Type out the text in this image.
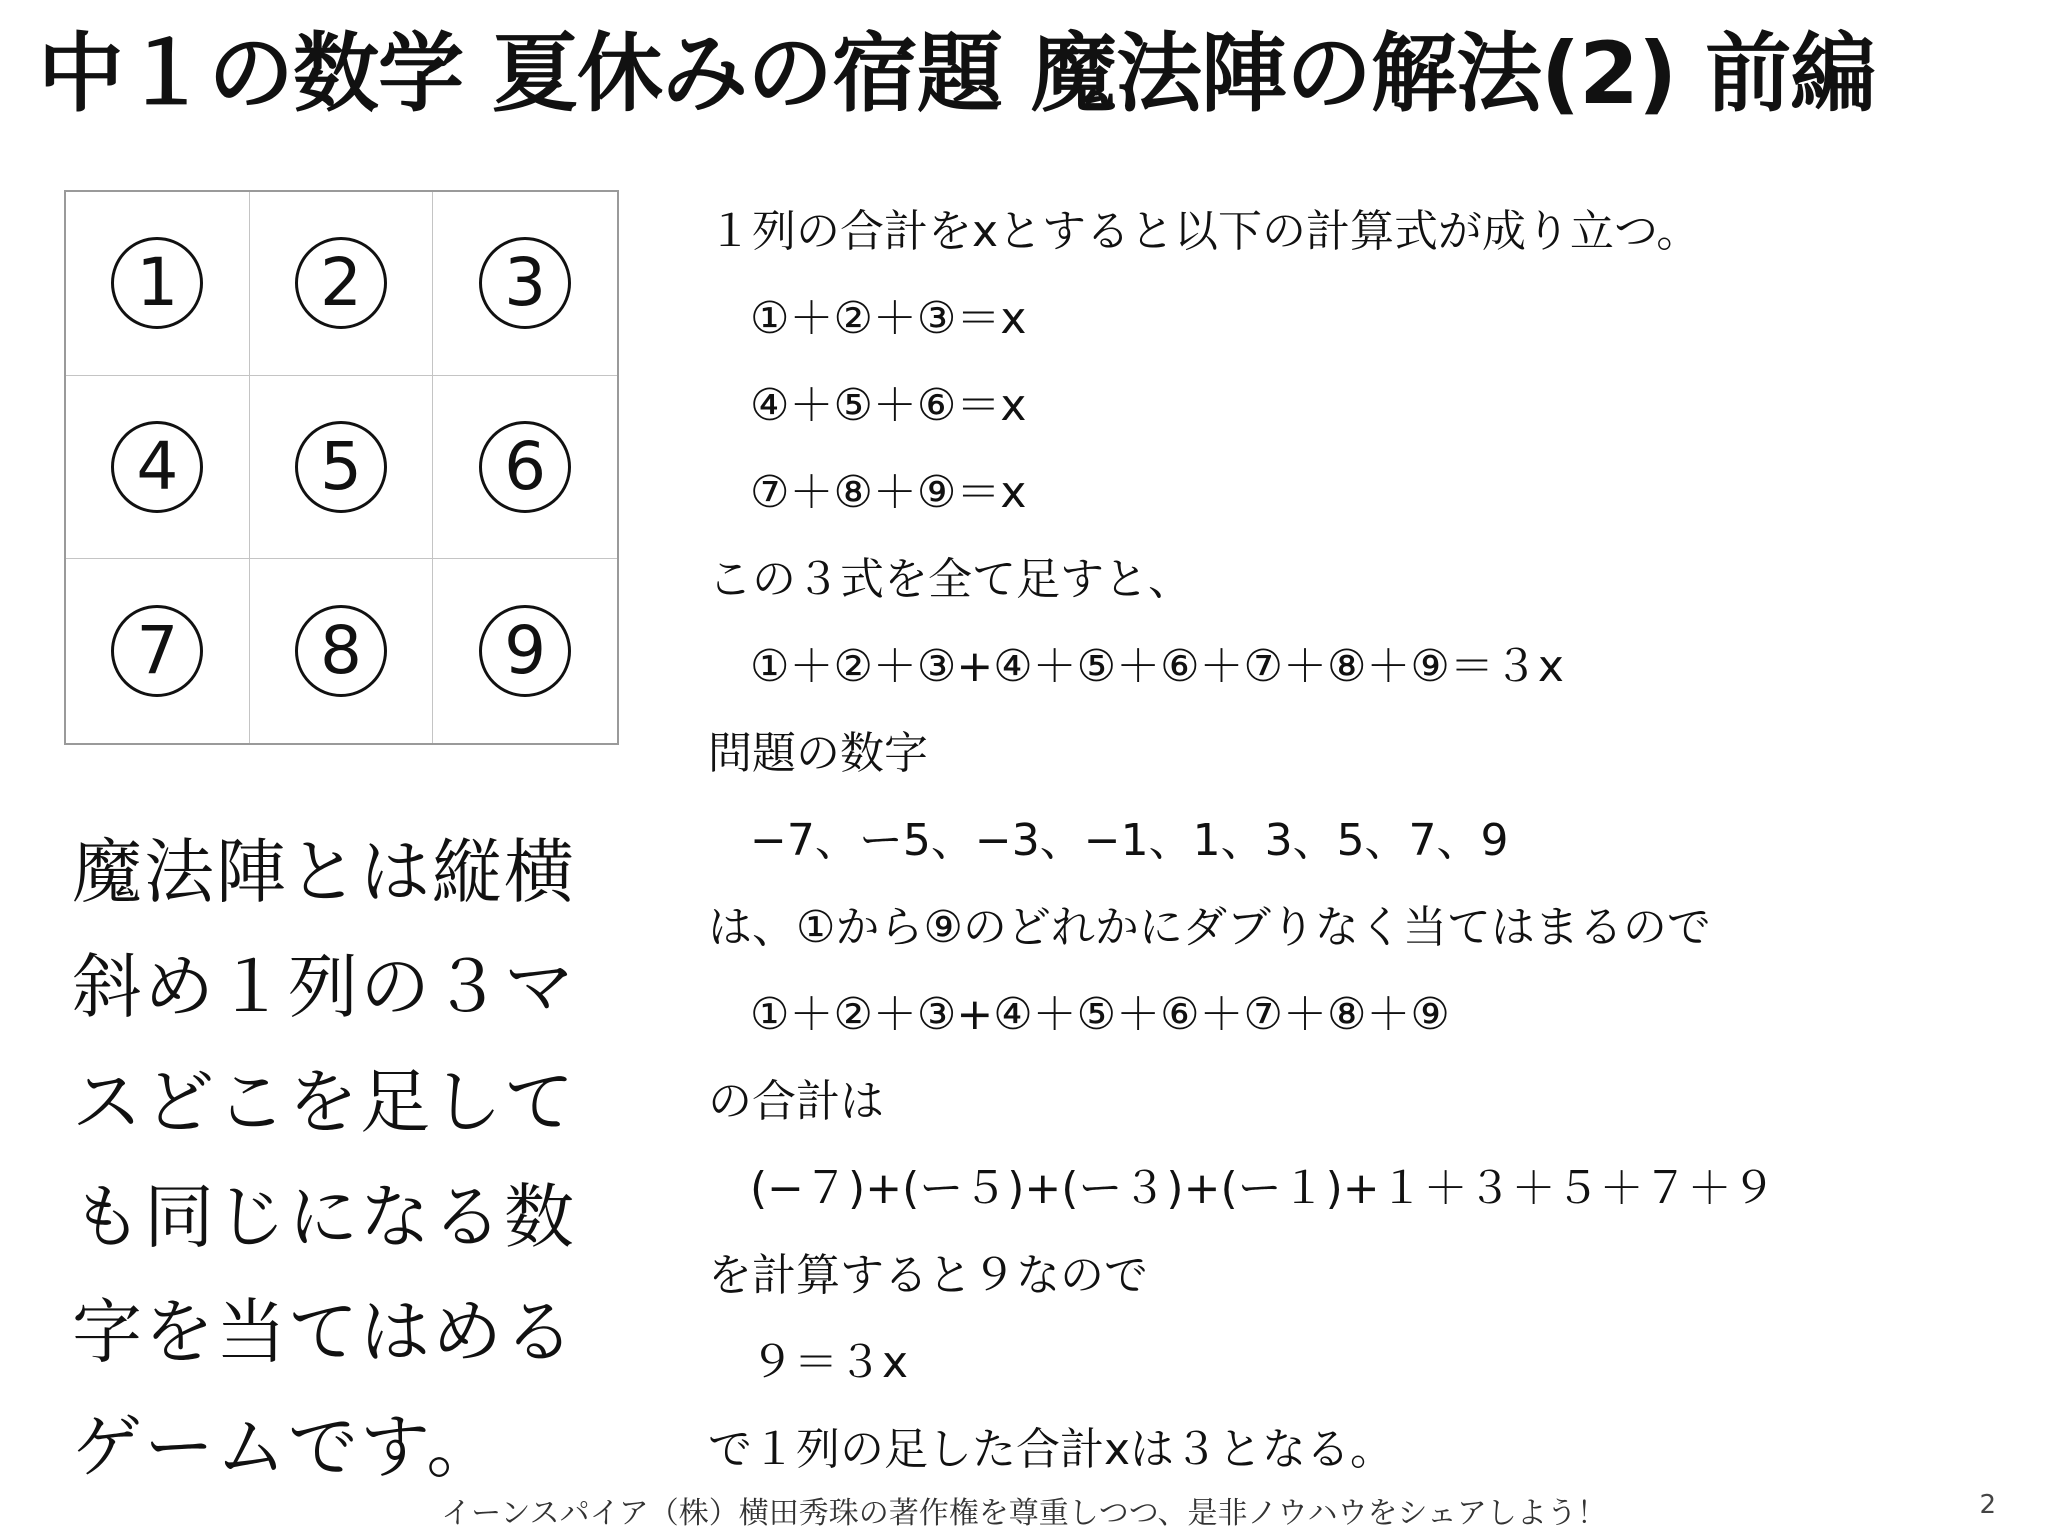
中１の数学 夏休みの宿題 魔法陣の解法(2) 前編
1	2	3
4	5	6
7	8	9
魔法陣とは縦横
斜め１列の３マ
スどこを足して
も同じになる数
字を当てはめる
ゲームです。
１列の合計をxとすると以下の計算式が成り立つ。
①＋②＋③＝x
④＋⑤＋⑥＝x
⑦＋⑧＋⑨＝x
この３式を全て足すと、
①＋②＋③+④＋⑤＋⑥＋⑦＋⑧＋⑨＝３x
問題の数字
−7、ー5、−3、−1、1、3、5、7、9
は、①から⑨のどれかにダブりなく当てはまるので
①＋②＋③+④＋⑤＋⑥＋⑦＋⑧＋⑨
の合計は
(−７)+(ー５)+(ー３)+(ー１)+１＋３＋５＋７＋９
を計算すると９なので
９＝３x
で１列の足した合計xは３となる。
イーンスパイア（株）横田秀珠の著作権を尊重しつつ、是非ノウハウをシェアしよう！	2
